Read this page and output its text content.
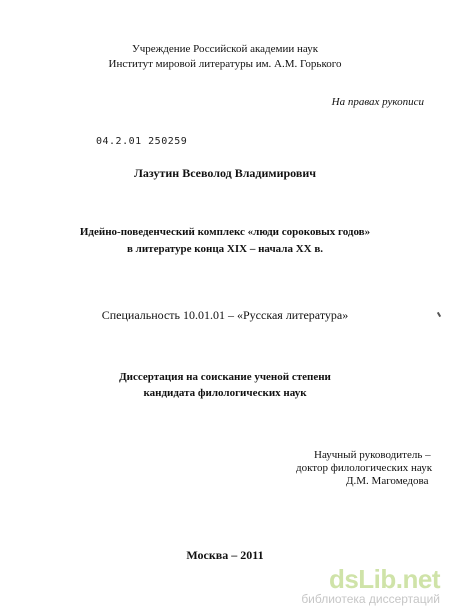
Учреждение Российской академии наук
Институт мировой литературы им. А.М. Горького
На правах рукописи
04.2.01 250259
Лазутин Всеволод Владимирович
Идейно-поведенческий комплекс «люди сороковых годов»
в литературе конца XIX – начала XX в.
Специальность 10.01.01 – «Русская литература»
Диссертация на соискание ученой степени
кандидата филологических наук
Научный руководитель –
доктор филологических наук
Д.М. Магомедова
Москва – 2011
dsLib.net
библиотека диссертаций
